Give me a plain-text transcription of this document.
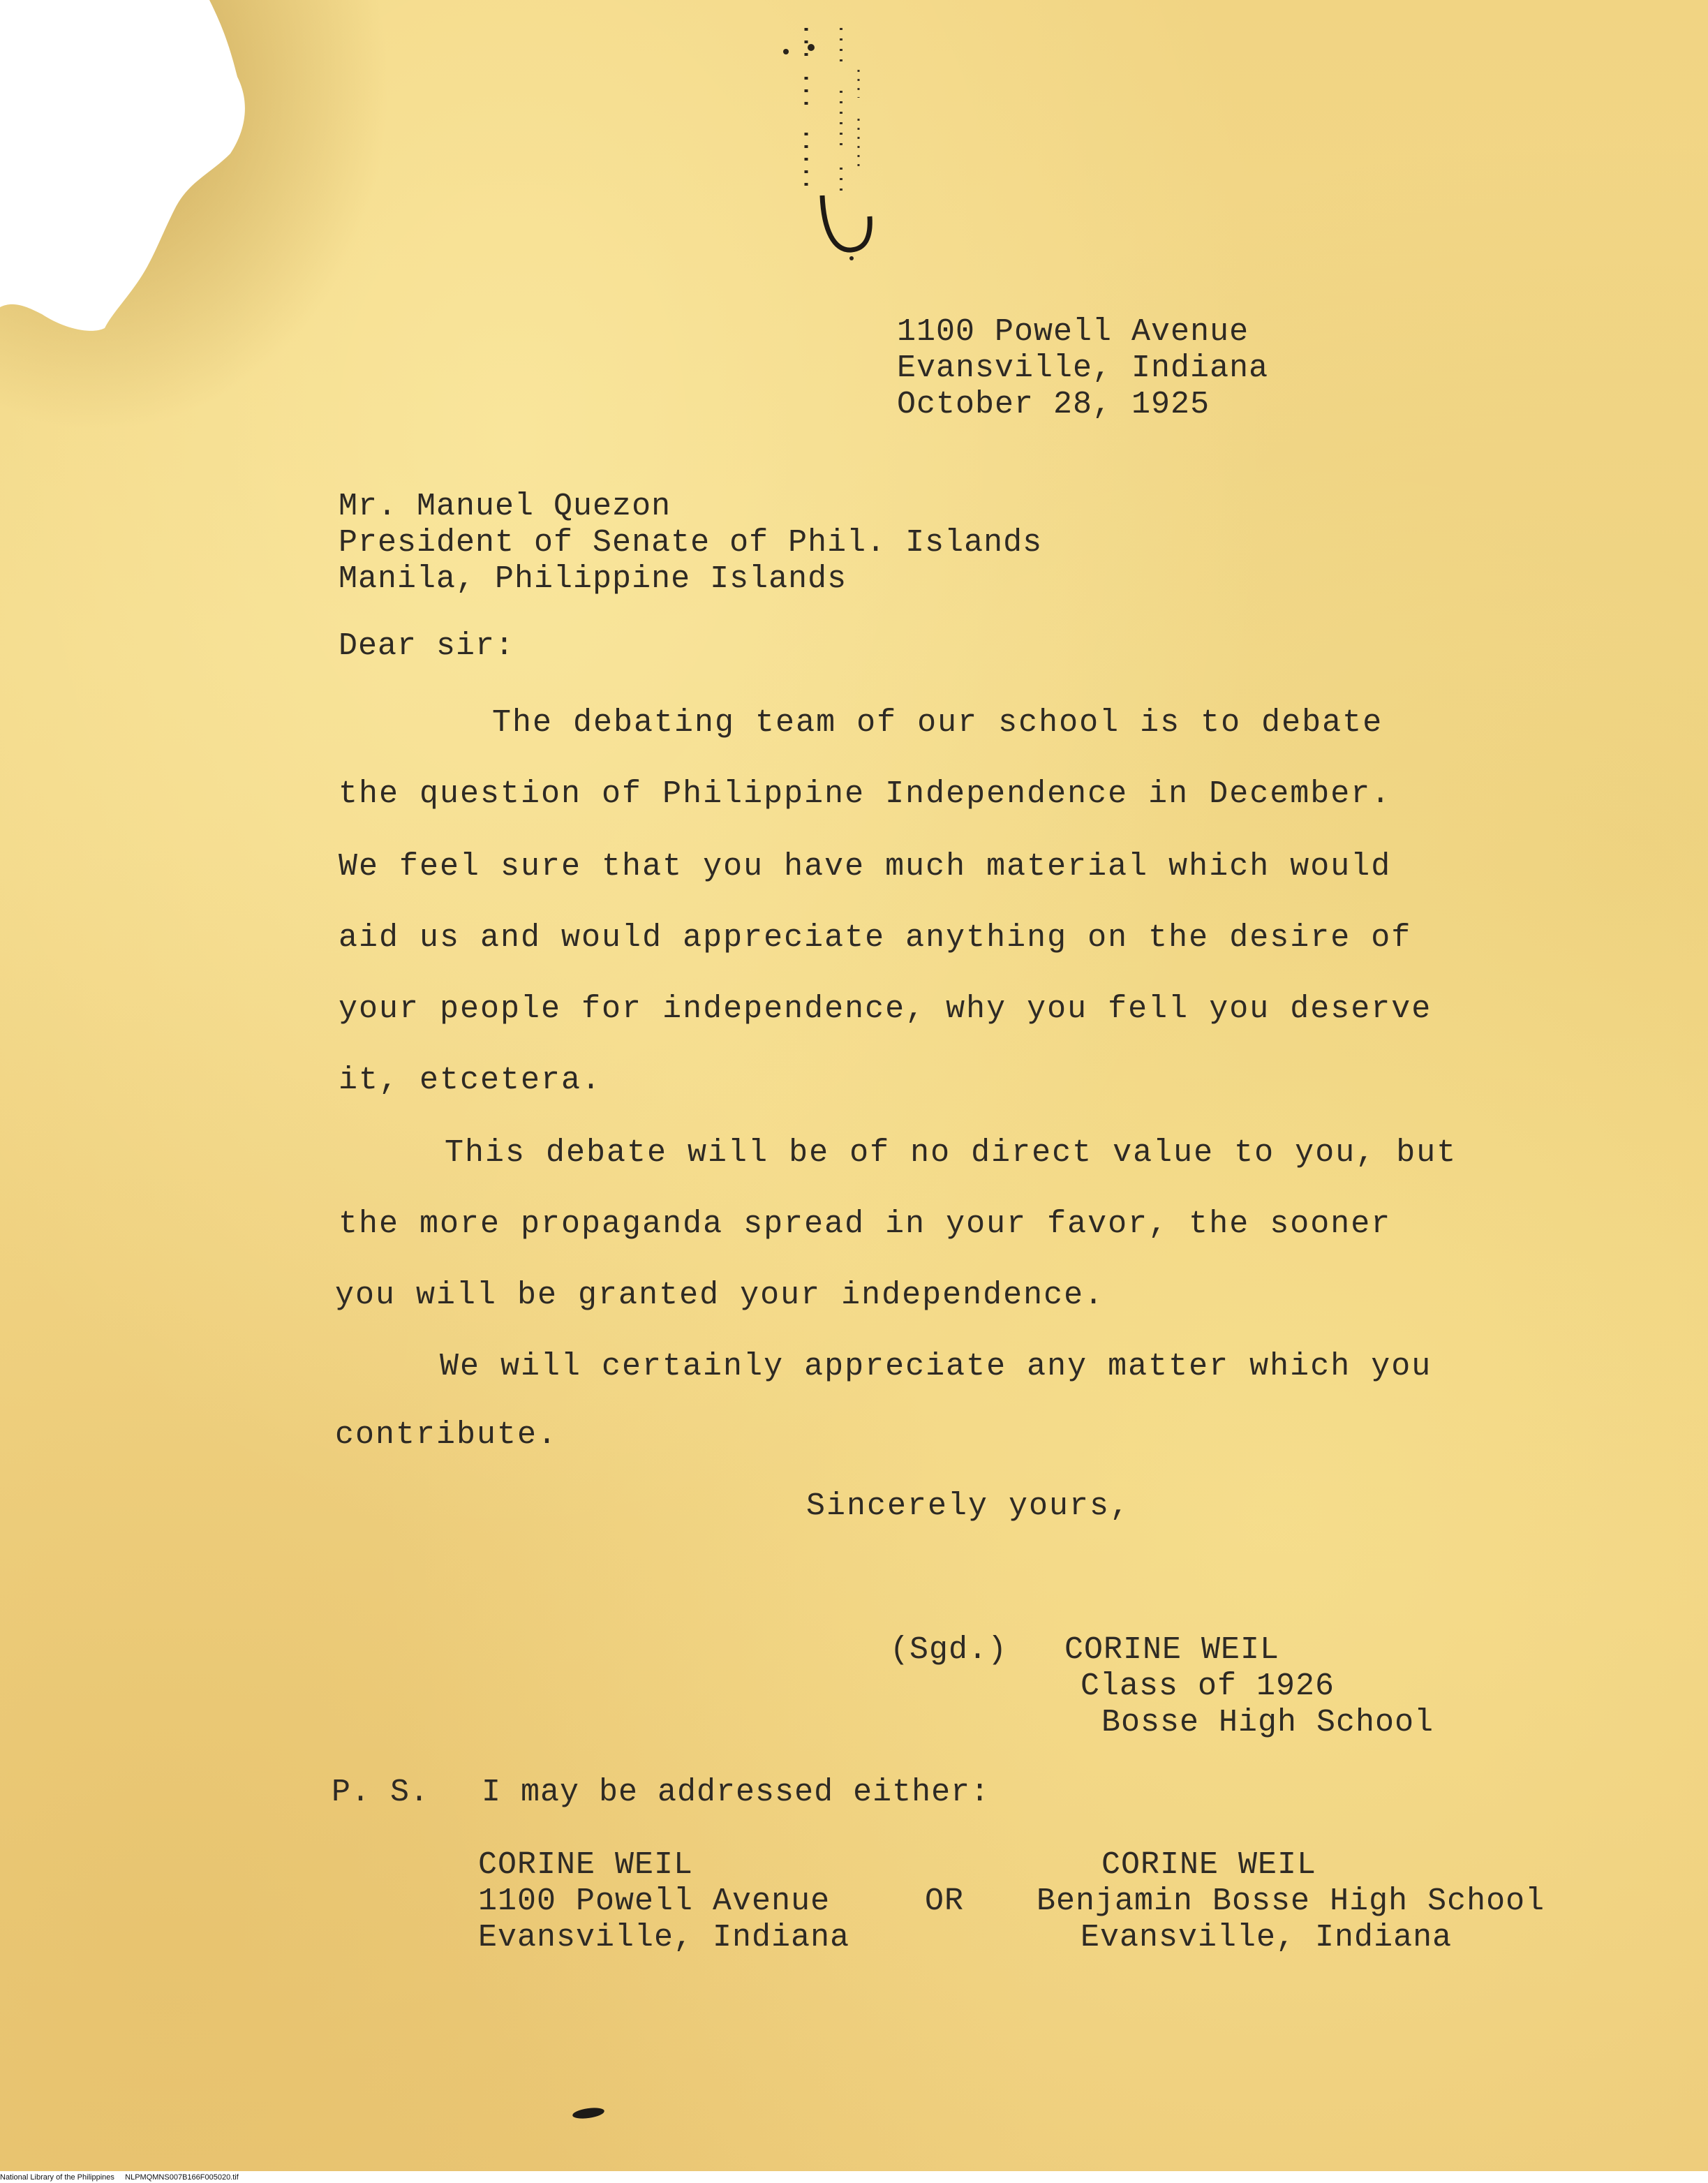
1100 Powell Avenue
Evansville, Indiana
October 28, 1925
Mr. Manuel Quezon
President of Senate of Phil. Islands
Manila, Philippine Islands
Dear sir:
The debating team of our school is to debate
the question of Philippine Independence in December.
We feel sure that you have much material which would
aid us and would appreciate anything on the desire of
your people for independence, why you fell you deserve
it, etcetera.
This debate will be of no direct value to you, but
the more propaganda spread in your favor, the sooner
you will be granted your independence.
We will certainly appreciate any matter which you
contribute.
Sincerely yours,
(Sgd.) CORINE WEIL
Class of 1926
Bosse High School
P. S. I may be addressed either:
CORINE WEIL
1100 Powell Avenue
Evansville, Indiana
OR
CORINE WEIL
Benjamin Bosse High School
Evansville, Indiana
National Library of the Philippines     NLPMQMNS007B166F005020.tif
